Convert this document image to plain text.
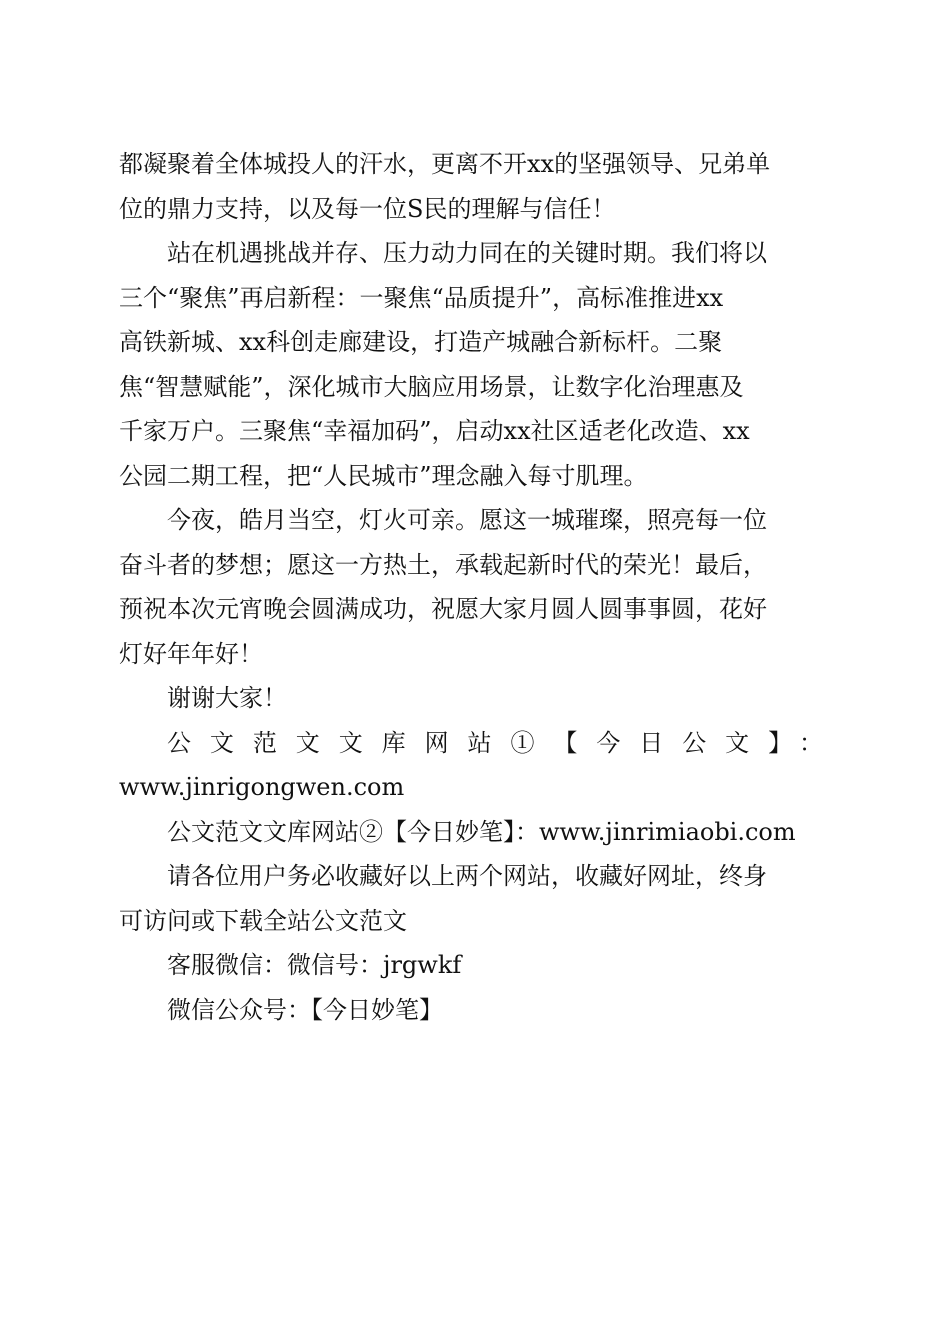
都凝聚着全体城投人的汗水，更离不开xx的坚强领导、兄弟单
位的鼎力支持，以及每一位S民的理解与信任！

站在机遇挑战并存、压力动力同在的关键时期。我们将以
三个“聚焦”再启新程：一聚焦“品质提升”，高标准推进xx
高铁新城、xx科创走廊建设，打造产城融合新标杆。二聚
焦“智慧赋能”，深化城市大脑应用场景，让数字化治理惠及
千家万户。三聚焦“幸福加码”，启动xx社区适老化改造、xx
公园二期工程，把“人民城市”理念融入每寸肌理。

今夜，皓月当空，灯火可亲。愿这一城璀璨，照亮每一位
奋斗者的梦想；愿这一方热土，承载起新时代的荣光！最后，
预祝本次元宵晚会圆满成功，祝愿大家月圆人圆事事圆，花好
灯好年年好！

谢谢大家！

公文范文文库网站①【今日公文】：
www.jinrigongwen.com

公文范文文库网站②【今日妙笔】：www.jinrimiaobi.com

请各位用户务必收藏好以上两个网站，收藏好网址，终身
可访问或下载全站公文范文

客服微信：微信号：jrgwkf

微信公众号：【今日妙笔】
